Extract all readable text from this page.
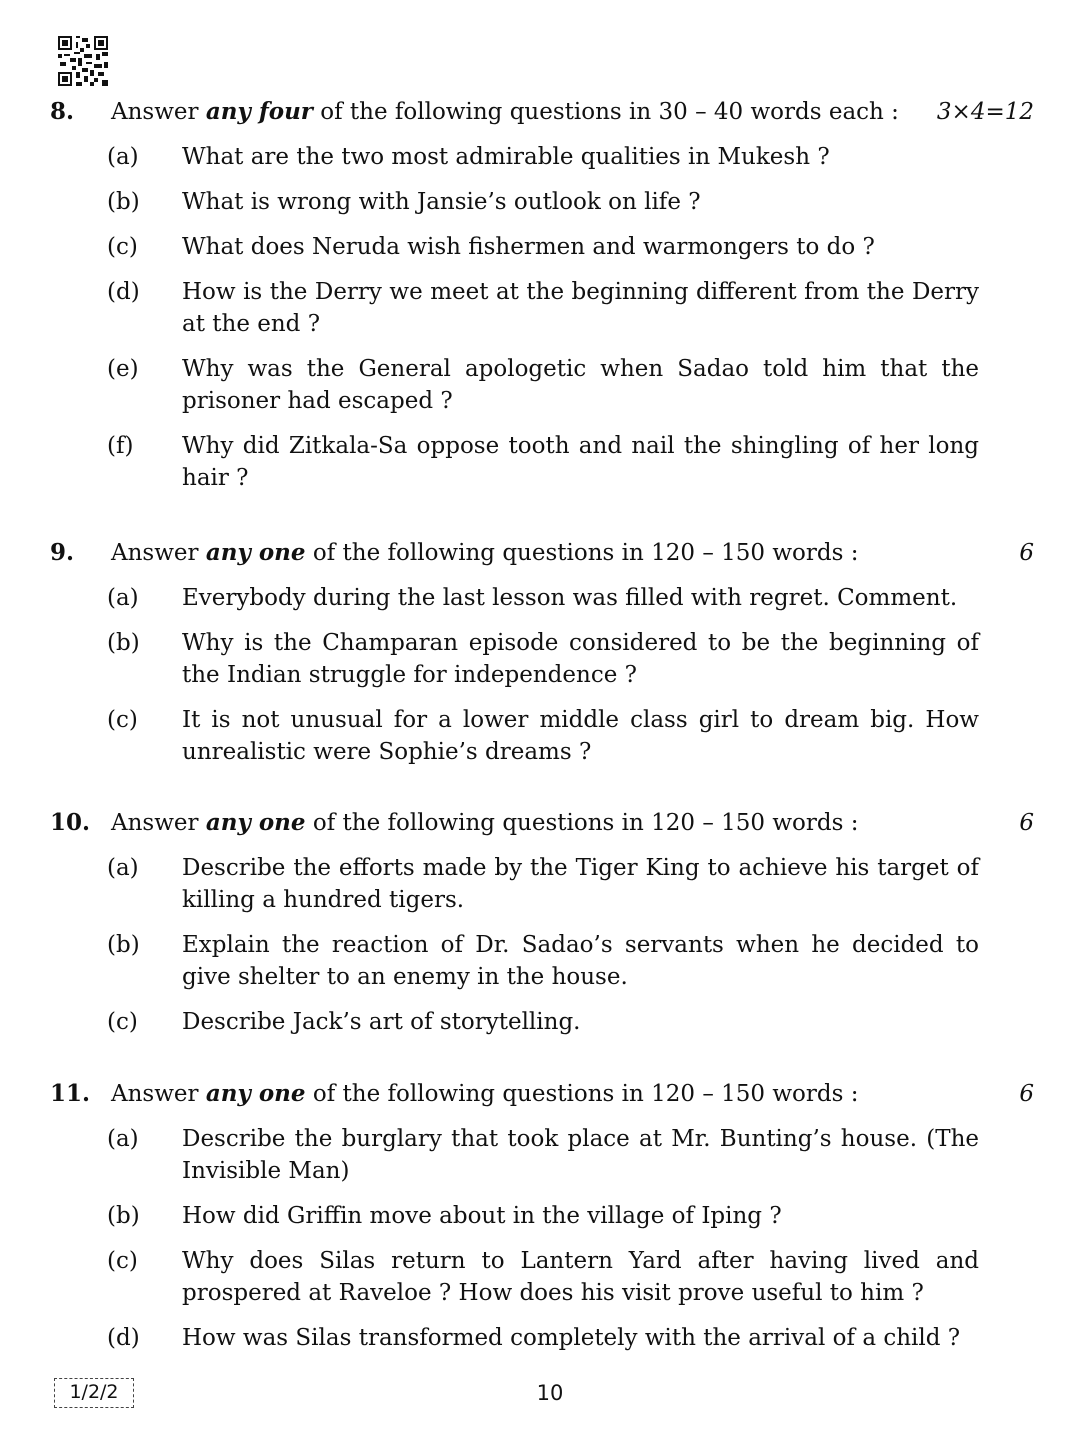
8. Answer any four of the following questions in 30 – 40 words each : 3×4=12
(a) What are the two most admirable qualities in Mukesh ?
(b) What is wrong with Jansie’s outlook on life ?
(c) What does Neruda wish fishermen and warmongers to do ?
(d) How is the Derry we meet at the beginning different from the Derry at the end ?
(e) Why was the General apologetic when Sadao told him that the prisoner had escaped ?
(f) Why did Zitkala-Sa oppose tooth and nail the shingling of her long hair ?
9. Answer any one of the following questions in 120 – 150 words :	6
(a) Everybody during the last lesson was filled with regret. Comment.
(b) Why is the Champaran episode considered to be the beginning of the Indian struggle for independence ?
(c) It is not unusual for a lower middle class girl to dream big. How unrealistic were Sophie’s dreams ?
10. Answer any one of the following questions in 120 – 150 words :	6
(a) Describe the efforts made by the Tiger King to achieve his target of killing a hundred tigers.
(b) Explain the reaction of Dr. Sadao’s servants when he decided to give shelter to an enemy in the house.
(c) Describe Jack’s art of storytelling.
11. Answer any one of the following questions in 120 – 150 words :	6
(a) Describe the burglary that took place at Mr. Bunting’s house. (The Invisible Man)
(b) How did Griffin move about in the village of Iping ?
(c) Why does Silas return to Lantern Yard after having lived and prospered at Raveloe ? How does his visit prove useful to him ?
(d) How was Silas transformed completely with the arrival of a child ?
1/2/2	10
